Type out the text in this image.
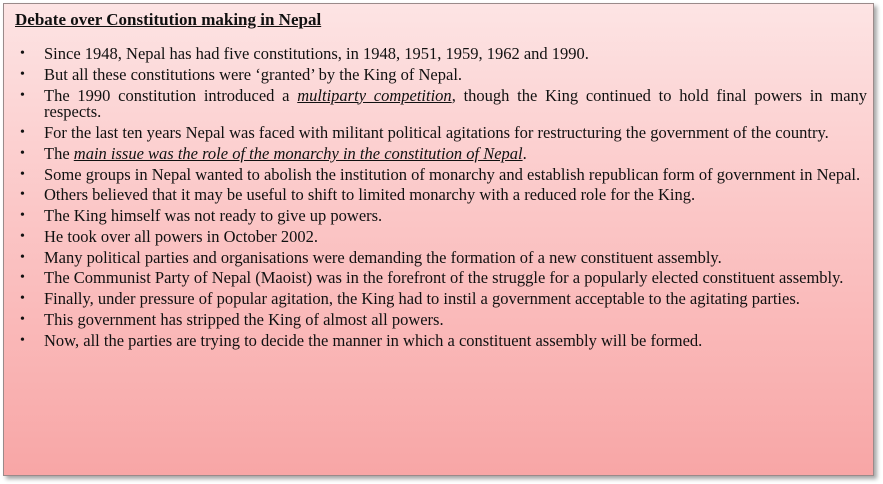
Debate over Constitution making in Nepal
• Since 1948, Nepal has had five constitutions, in 1948, 1951, 1959, 1962 and 1990.
• But all these constitutions were ‘granted’ by the King of Nepal.
• The 1990 constitution introduced a multiparty competition, though the King continued to hold final powers in many respects.
• For the last ten years Nepal was faced with militant political agitations for restructuring the government of the country.
• The main issue was the role of the monarchy in the constitution of Nepal.
• Some groups in Nepal wanted to abolish the institution of monarchy and establish republican form of government in Nepal.
• Others believed that it may be useful to shift to limited monarchy with a reduced role for the King.
• The King himself was not ready to give up powers.
• He took over all powers in October 2002.
• Many political parties and organisations were demanding the formation of a new constituent assembly.
• The Communist Party of Nepal (Maoist) was in the forefront of the struggle for a popularly elected constituent assembly.
• Finally, under pressure of popular agitation, the King had to instil a government acceptable to the agitating parties.
• This government has stripped the King of almost all powers.
• Now, all the parties are trying to decide the manner in which a constituent assembly will be formed.
